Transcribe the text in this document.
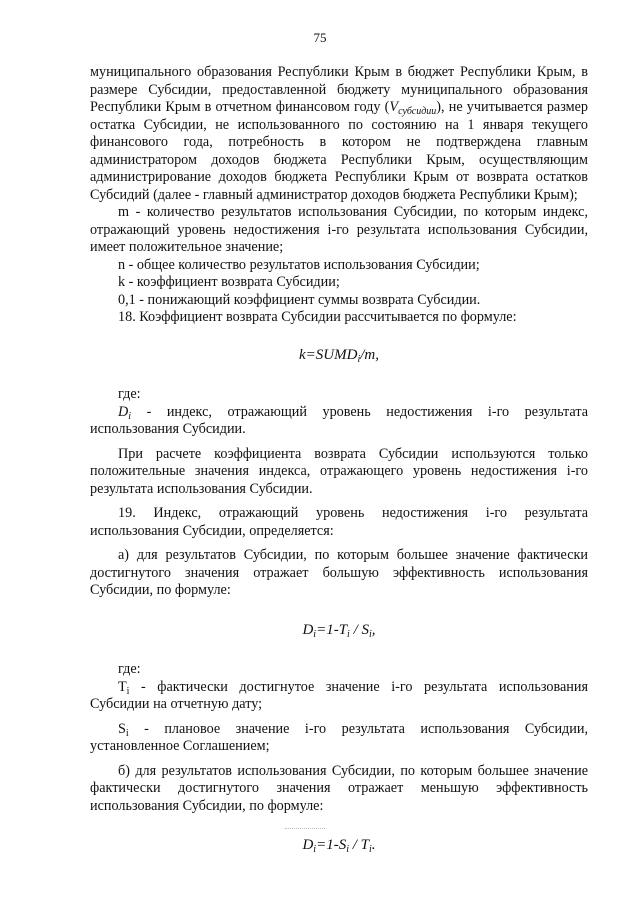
75

муниципального образования Республики Крым в бюджет Республики Крым, в размере Субсидии, предоставленной бюджету муниципального образования Республики Крым в отчетном финансовом году $(V_{субсидии})$, не учитывается размер остатка Субсидии, не использованного по состоянию на 1 января текущего финансового года, потребность в котором не подтверждена главным администратором доходов бюджета Республики Крым, осуществляющим администрирование доходов бюджета Республики Крым от возврата остатков Субсидий (далее - главный администратор доходов бюджета Республики Крым);

m - количество результатов использования Субсидии, по которым индекс, отражающий уровень недостижения i-го результата использования Субсидии, имеет положительное значение;

n - общее количество результатов использования Субсидии;

k - коэффициент возврата Субсидии;

0,1 - понижающий коэффициент суммы возврата Субсидии.

18. Коэффициент возврата Субсидии рассчитывается по формуле:

$k=SUMD_i/m$,

где:

$D_i$ - индекс, отражающий уровень недостижения i-го результата использования Субсидии.

При расчете коэффициента возврата Субсидии используются только положительные значения индекса, отражающего уровень недостижения i-го результата использования Субсидии.

19. Индекс, отражающий уровень недостижения i-го результата использования Субсидии, определяется:

а) для результатов Субсидии, по которым большее значение фактически достигнутого значения отражает большую эффективность использования Субсидии, по формуле:

$D_i=1-T_i / S_i$,

где:

$T_i$ - фактически достигнутое значение i-го результата использования Субсидии на отчетную дату;

$S_i$ - плановое значение i-го результата использования Субсидии, установленное Соглашением;

б) для результатов использования Субсидии, по которым большее значение фактически достигнутого значения отражает меньшую эффективность использования Субсидии, по формуле:

$D_i=1-S_i / T_i$.
